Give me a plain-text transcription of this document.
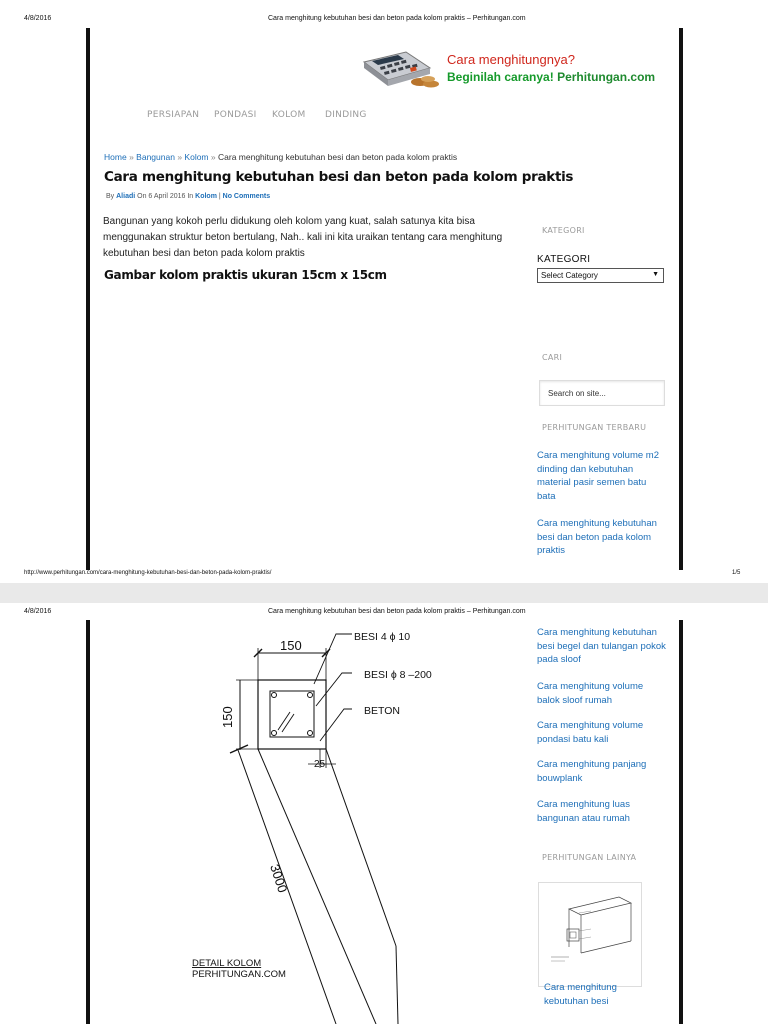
4/8/2016	Cara menghitung kebutuhan besi dan beton pada kolom praktis – Perhitungan.com
Cara menghitungnya?
Beginilah caranya! Perhitungan.com
PERSIAPAN PONDASI KOLOM DINDING
Home » Bangunan » Kolom » Cara menghitung kebutuhan besi dan beton pada kolom praktis
Cara menghitung kebutuhan besi dan beton pada kolom praktis
By Aliadi On 6 April 2016 In Kolom | No Comments
Bangunan yang kokoh perlu didukung oleh kolom yang kuat, salah satunya kita bisa menggunakan struktur beton bertulang, Nah.. kali ini kita uraikan tentang cara menghitung kebutuhan besi dan beton pada kolom praktis
Gambar kolom praktis ukuran 15cm x 15cm
KATEGORI
KATEGORI
Select Category	▼
CARI
Search on site...
PERHITUNGAN TERBARU
Cara menghitung volume m2 dinding dan kebutuhan material pasir semen batu bata
Cara menghitung kebutuhan besi dan beton pada kolom praktis
http://www.perhitungan.com/cara-menghitung-kebutuhan-besi-dan-beton-pada-kolom-praktis/	1/5
4/8/2016	Cara menghitung kebutuhan besi dan beton pada kolom praktis – Perhitungan.com
150
150
BESI 4 ϕ 10
BESI ϕ 8 –200
BETON
25
3000
DETAIL KOLOM
PERHITUNGAN.COM
Cara menghitung kebutuhan besi begel dan tulangan pokok pada sloof
Cara menghitung volume balok sloof rumah
Cara menghitung volume pondasi batu kali
Cara menghitung panjang bouwplank
Cara menghitung luas bangunan atau rumah
PERHITUNGAN LAINYA
Cara menghitung kebutuhan besi
